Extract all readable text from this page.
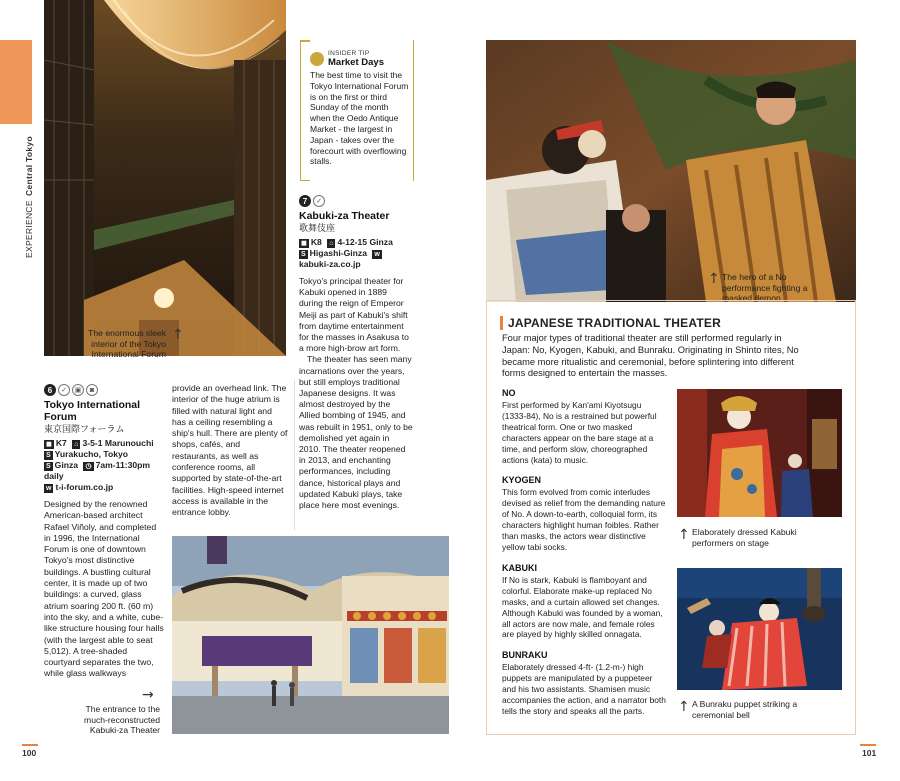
EXPERIENCE
Central Tokyo
The enormous sleek interior of the Tokyo International Forum
↑
INSIDER TIP
Market Days
The best time to visit the Tokyo International Forum is on the first or third Sunday of the month when the Oedo Antique Market - the largest in Japan - takes over the forecourt with overflowing stalls.
7	✓
Kabuki-za Theater
歌舞伎座
◼ K8 ⌂ 4-12-15 Ginza
S Higashi-Ginza wkabuki-za.co.jp
Tokyo's principal theater for Kabuki opened in 1889 during the reign of Emperor Meiji as part of Kabuki's shift from daytime entertainment for the masses in Asakusa to a more high-brow art form.
The theater has seen many incarnations over the years, but still employs traditional Japanese designs. It was almost destroyed by the Allied bombing of 1945, and was rebuilt in 1951, only to be demolished yet again in 2010. The theater reopened in 2013, and enchanting performances, including dance, historical plays and updated Kabuki plays, take place here most evenings.
6	✓	▣	◙
Tokyo International Forum
東京国際フォーラム
◼ K7 ⌂ 3-5-1 Marunouchi
S Yurakucho, Tokyo
S Ginza ◷ 7am-11:30pm daily
w t-i-forum.co.jp
Designed by the renowned American-based architect Rafael Viñoly, and completed in 1996, the International Forum is one of downtown Tokyo's most distinctive buildings. A bustling cultural center, it is made up of two buildings: a curved, glass atrium soaring 200 ft. (60 m) into the sky, and a white, cube-like structure housing four halls (with the largest able to seat 5,012). A tree-shaded courtyard separates the two, while glass walkways
provide an overhead link. The interior of the huge atrium is filled with natural light and has a ceiling resembling a ship's hull. There are plenty of shops, cafés, and restaurants, as well as conference rooms, all supported by state-of-the-art facilities. High-speed internet access is available in the entrance lobby.
→
The entrance to the much-reconstructed Kabuki-za Theater
↑ The hero of a No performance fighting a masked demon
JAPANESE TRADITIONAL THEATER
Four major types of traditional theater are still performed regularly in Japan: No, Kyogen, Kabuki, and Bunraku. Originating in Shinto rites, No became more ritualistic and ceremonial, before splintering into different forms designed to entertain the masses.
NO
First performed by Kan'ami Kiyotsugu (1333-84), No is a restrained but powerful theatrical form. One or two masked characters appear on the bare stage at a time, and perform slow, choreographed actions (kata) to music.
KYOGEN
This form evolved from comic interludes devised as relief from the demanding nature of No. A down-to-earth, colloquial form, its characters highlight human foibles. Rather than masks, the actors wear distinctive yellow tabi socks.
KABUKI
If No is stark, Kabuki is flamboyant and colorful. Elaborate make-up replaced No masks, and a curtain allowed set changes. Although Kabuki was founded by a woman, all actors are now male, and female roles are played by highly skilled onnagata.
BUNRAKU
Elaborately dressed 4-ft- (1.2-m-) high puppets are manipulated by a puppeteer and his two assistants. Shamisen music accompanies the action, and a narrator both tells the story and speaks all the parts.
↑ Elaborately dressed Kabuki performers on stage
↑ A Bunraku puppet striking a ceremonial bell
100	101
